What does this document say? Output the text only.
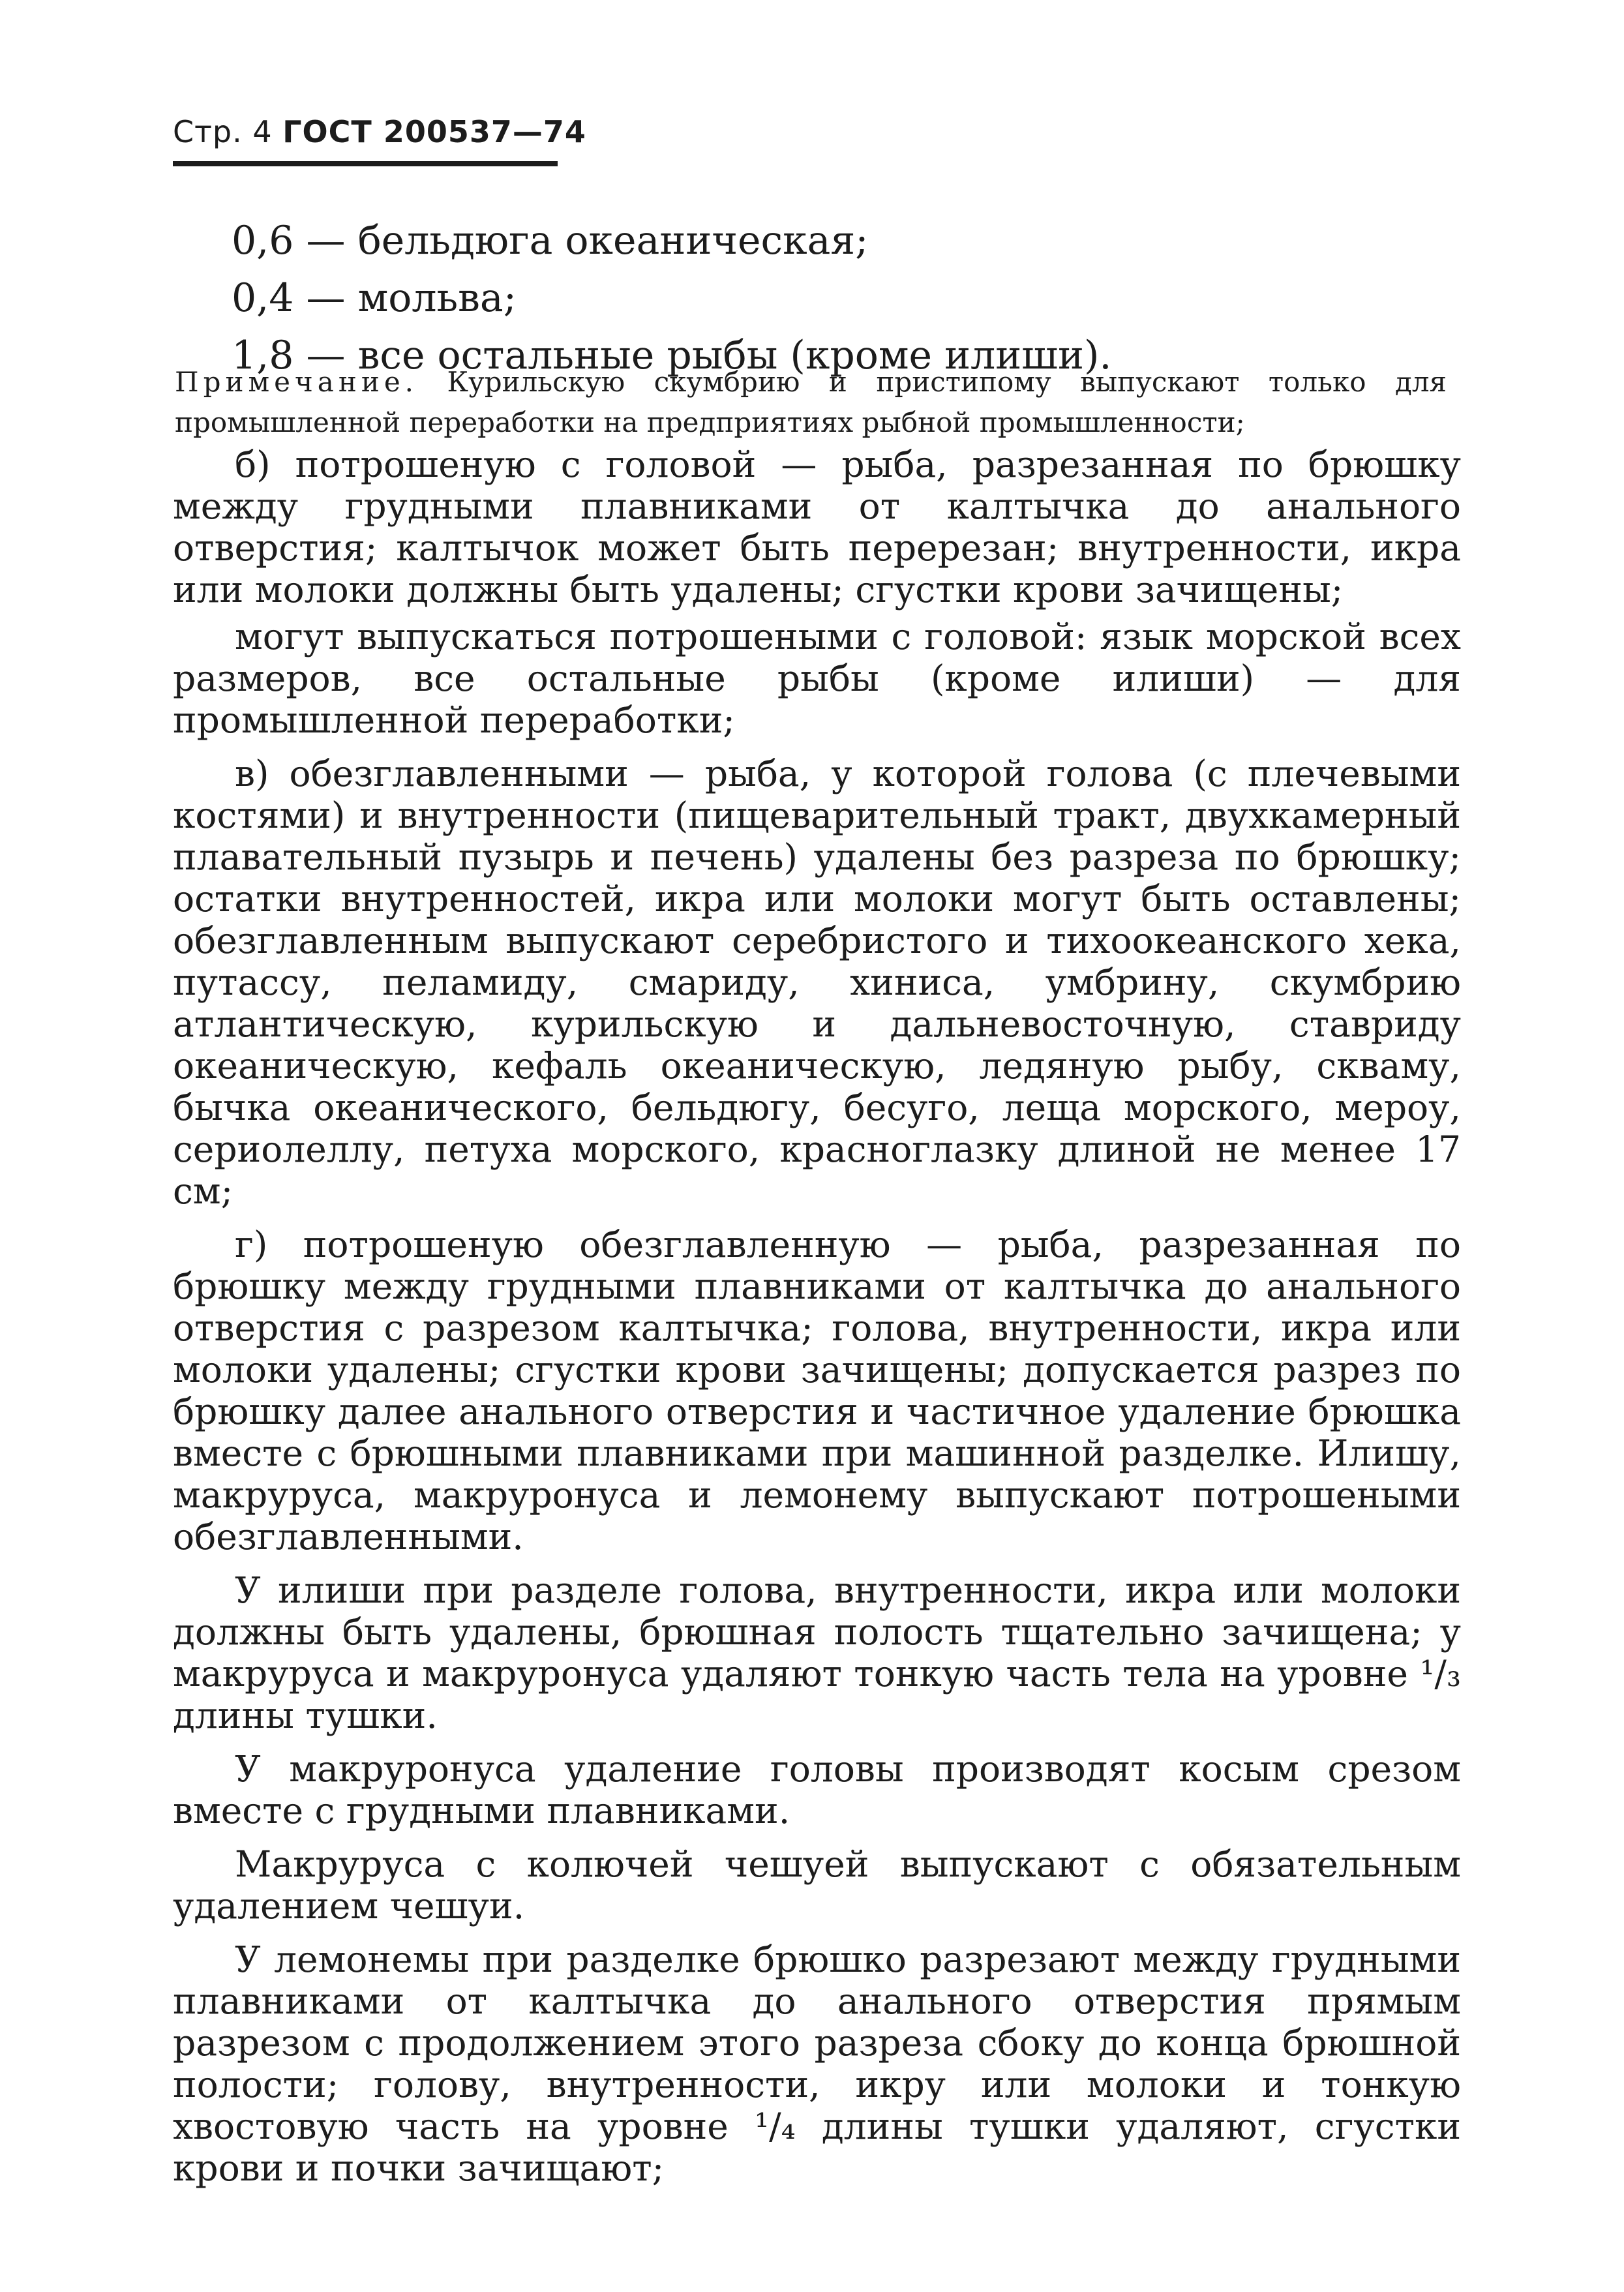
Стр. 4 ГОСТ 200537—74
0,6 — бельдюга океаническая;
0,4 — мольва;
1,8 — все остальные рыбы (кроме илиши).
Примечание. Курильскую скумбрию и пристипому выпускают только для промышленной переработки на предприятиях рыбной промышленности;

б) потрошеную с головой — рыба, разрезанная по брюшку между грудными плавниками от калтычка до анального отверстия; калтычок может быть перерезан; внутренности, икра или молоки должны быть удалены; сгустки крови зачищены;

могут выпускаться потрошеными с головой: язык морской всех размеров, все остальные рыбы (кроме илиши) — для промышленной переработки;

в) обезглавленными — рыба, у которой голова (с плечевыми костями) и внутренности (пищеварительный тракт, двухкамерный плавательный пузырь и печень) удалены без разреза по брюшку; остатки внутренностей, икра или молоки могут быть оставлены; обезглавленным выпускают серебристого и тихоокеанского хека, путассу, пеламиду, смариду, хиниса, умбрину, скумбрию атлантическую, курильскую и дальневосточную, ставриду океаническую, кефаль океаническую, ледяную рыбу, скваму, бычка океанического, бельдюгу, бесуго, леща морского, мероу, сериолеллу, петуха морского, красноглазку длиной не менее 17 см;

г) потрошеную обезглавленную — рыба, разрезанная по брюшку между грудными плавниками от калтычка до анального отверстия с разрезом калтычка; голова, внутренности, икра или молоки удалены; сгустки крови зачищены; допускается разрез по брюшку далее анального отверстия и частичное удаление брюшка вместе с брюшными плавниками при машинной разделке. Илишу, макруруса, макруронуса и лемонему выпускают потрошеными обезглавленными.

У илиши при разделе голова, внутренности, икра или молоки должны быть удалены, брюшная полость тщательно зачищена; у макруруса и макруронуса удаляют тонкую часть тела на уровне ¹/₃ длины тушки.

У макруронуса удаление головы производят косым срезом вместе с грудными плавниками.

Макруруса с колючей чешуей выпускают с обязательным удалением чешуи.

У лемонемы при разделке брюшко разрезают между грудными плавниками от калтычка до анального отверстия прямым разрезом с продолжением этого разреза сбоку до конца брюшной полости; голову, внутренности, икру или молоки и тонкую хвостовую часть на уровне ¹/₄ длины тушки удаляют, сгустки крови и почки зачищают;
